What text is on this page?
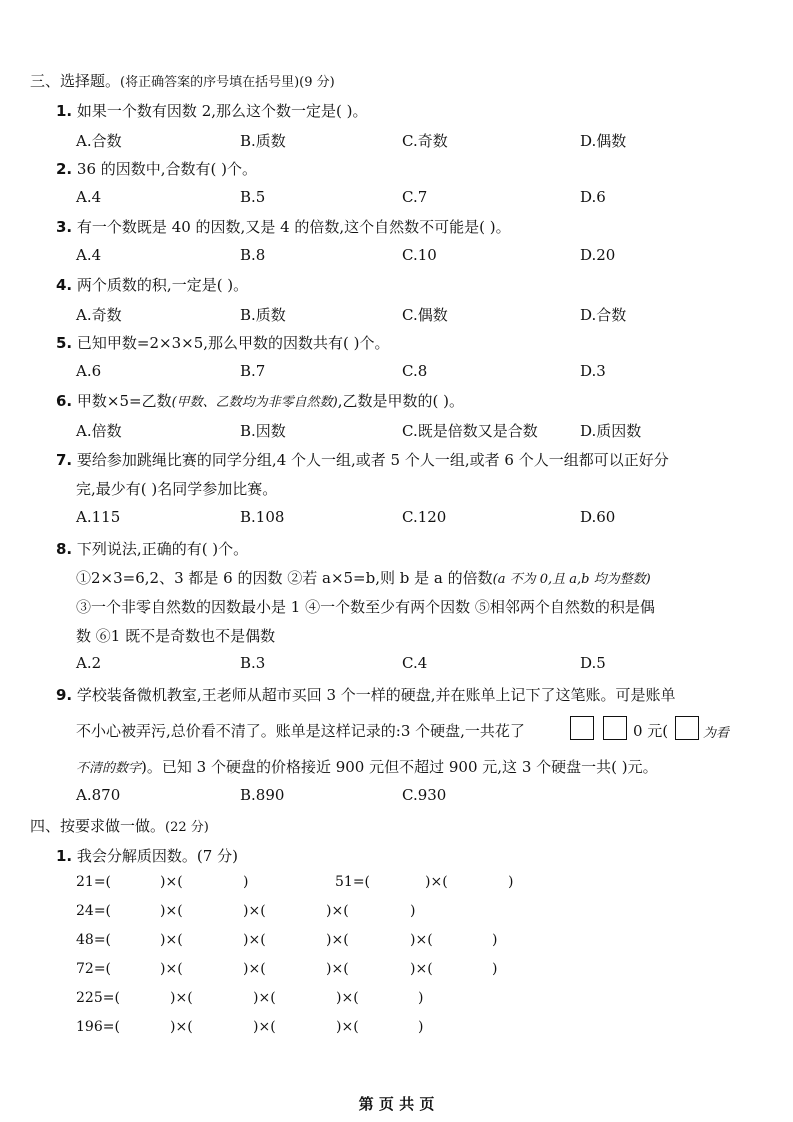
三、选择题。(将正确答案的序号填在括号里)(9 分)
1. 如果一个数有因数 2,那么这个数一定是( )。
A.合数	B.质数	C.奇数	D.偶数
2. 36 的因数中,合数有( )个。
A.4	B.5	C.7	D.6
3. 有一个数既是 40 的因数,又是 4 的倍数,这个自然数不可能是( )。
A.4	B.8	C.10	D.20
4. 两个质数的积,一定是( )。
A.奇数	B.质数	C.偶数	D.合数
5. 已知甲数=2×3×5,那么甲数的因数共有( )个。
A.6	B.7	C.8	D.3
6. 甲数×5=乙数(甲数、乙数均为非零自然数),乙数是甲数的( )。
A.倍数	B.因数	C.既是倍数又是合数	D.质因数
7. 要给参加跳绳比赛的同学分组,4 个人一组,或者 5 个人一组,或者 6 个人一组都可以正好分
完,最少有( )名同学参加比赛。
A.115	B.108	C.120	D.60
8. 下列说法,正确的有( )个。
①2×3=6,2、3 都是 6 的因数 ②若 a×5=b,则 b 是 a 的倍数(a 不为 0,且 a,b 均为整数)
③一个非零自然数的因数最小是 1 ④一个数至少有两个因数 ⑤相邻两个自然数的积是偶
数 ⑥1 既不是奇数也不是偶数
A.2	B.3	C.4	D.5
9. 学校装备微机教室,王老师从超市买回 3 个一样的硬盘,并在账单上记下了这笔账。可是账单
不小心被弄污,总价看不清了。账单是这样记录的:3 个硬盘,一共花了	0 元(	为看
不清的数字)。已知 3 个硬盘的价格接近 900 元但不超过 900 元,这 3 个硬盘一共( )元。
A.870	B.890	C.930
四、按要求做一做。(22 分)
1. 我会分解质因数。(7 分)
21=(	)×(	)	51=(	)×(	)
24=(	)×(	)×(	)×(	)
48=(	)×(	)×(	)×(	)×(	)
72=(	)×(	)×(	)×(	)×(	)
225=(	)×(	)×(	)×(	)
196=(	)×(	)×(	)×(	)
第 页 共 页
